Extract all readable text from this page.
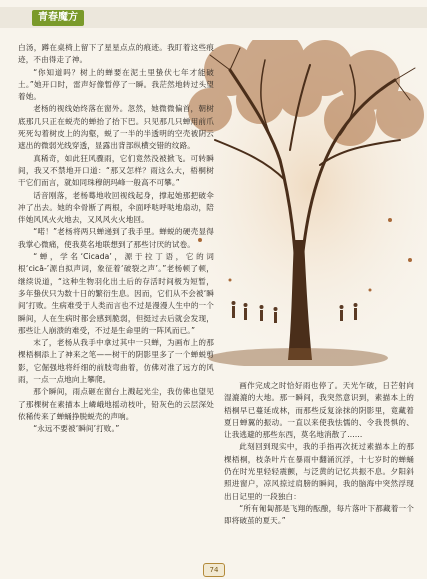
青春魔方

白汤，蹲在桌椅上留下了星星点点的痕迹。我盯着这些痕迹，不由得走了神。

“你知道吗？树上的蝉要在泥土里蛰伏七年才能破土。”她开口时，雷声好像暂停了一瞬。我茫然地转过头望着她。

老杨的视线始终落在窗外。忽然，她微微偏首，朝树底那几只正在蜕壳的蝉抬了抬下巴。只见那几只蝉用前爪死死勾着树皮上的沟壑，蜕了一半的半透明的空壳被阴云遮出的微弱光线穿透，显露出背部纵横交错的纹路。

真稀奇，如此狂风骤雨，它们竟然没被掀飞。可转瞬间，我又不禁地开口道：“那又怎样？雨这么大，梧桐树干它们而言，就如同珠穆朗玛峰一般高不可攀。”

话音刚落，老杨蓦地收回视线起身，撑起她那把破伞冲了出去。她的伞骨断了两根，伞面呼哒呼哒地扇动，陪伴她风风火火地去，又风风火火地回。

“喏！”老杨将两只蝉递到了我手里。蝉蜕的硬壳显得我掌心微痛，使我莫名地联想到了那些讨厌的试卷。

“蝉，学名‘Cicada’，源于拉丁语，它的词根‘cicā-’源自拟声词，象征着‘破裂之声’。”老杨顿了顿，继续说道，“这种生物羽化出土后的存活时间极为短暂，多年蛰伏只为数十日的繁衍生息。因而，它们从不会被‘瞬间’打败。生病难受于人类而言也不过是漫漫人生中的一个瞬间，人在生病时都会感到脆弱，但挺过去后就会发现，那些让人崩溃的难受，不过是生命里的一阵风而已。”

末了，老杨从我手中拿过其中一只蝉，为画布上的那棵梧桐添上了神来之笔——树干的阴影里多了一个蝉蜕剪影，它倔强地将纤细的前肢弯曲着，仿佛对准了远方的风雨，一点一点地向上攀爬。

那个瞬间，雨点砸在窗台上溅起光尘，我仿佛也望见了那棵树在素描本上嶙峨地摇动枝叶，铅灰色的云层深处依稀传来了蝉蛹挣脱蜕壳的声响。

“永远不要被‘瞬间’打败。”

画作完成之时恰好雨也停了。天光乍破，日芒射向湿漉漉的大地。那一瞬间，我突然意识到，素描本上的梧桐早已蔓延成林，而那些反复涂抹的阴影里，竟藏着夏日蝉翼的振动。一直以来使我怯懦的、令我畏惧的、让我逃避的那些东西，莫名地消散了……

此刻回到现实中，我的手指再次抚过素描本上的那棵梧桐，枝条叶片在暴雨中翻涌沉浮，十七岁时的蝉蛹仍在时光里轻轻震颤，与泛黄的记忆共振不息。夕阳斜照进窗户，凉风掠过肩膀的瞬间，我的脑海中突然浮现出日记里的一段独白：

“所有匍匐都是飞翔的酝酿，每片落叶下都藏着一个即将破茧的夏天。”

74
